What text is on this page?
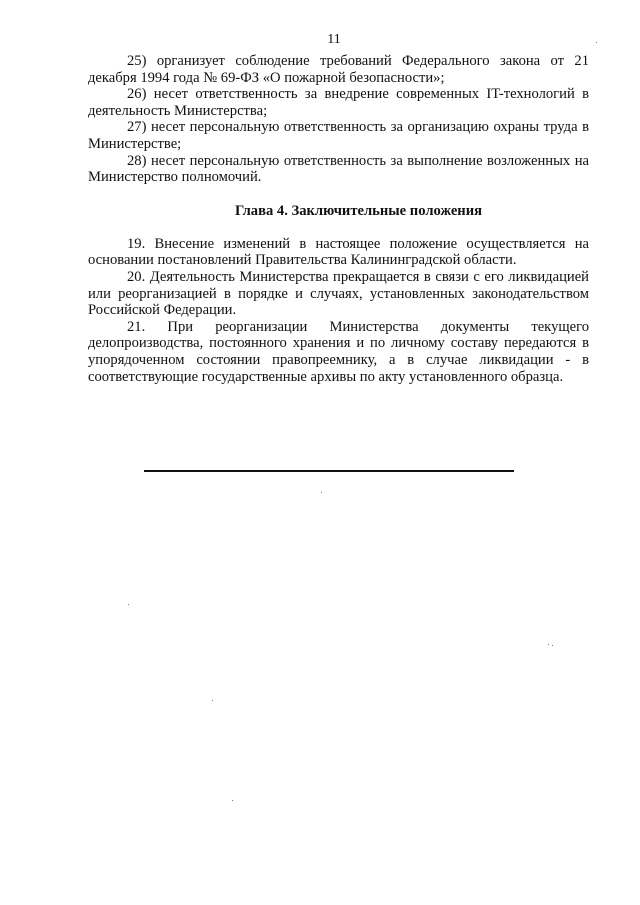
11

25) организует соблюдение требований Федерального закона от 21 декабря 1994 года № 69-ФЗ «О пожарной безопасности»;

26) несет ответственность за внедрение современных IT-технологий в деятельность Министерства;

27) несет персональную ответственность за организацию охраны труда в Министерстве;

28) несет персональную ответственность за выполнение возложенных на Министерство полномочий.

Глава 4. Заключительные положения

19. Внесение изменений в настоящее положение осуществляется на основании постановлений Правительства Калининградской области.

20. Деятельность Министерства прекращается в связи с его ликвидацией или реорганизацией в порядке и случаях, установленных законодательством Российской Федерации.

21. При реорганизации Министерства документы текущего делопроизводства, постоянного хранения и по личному составу передаются в упорядоченном состоянии правопреемнику, а в случае ликвидации - в соответствующие государственные архивы по акту установленного образца.
